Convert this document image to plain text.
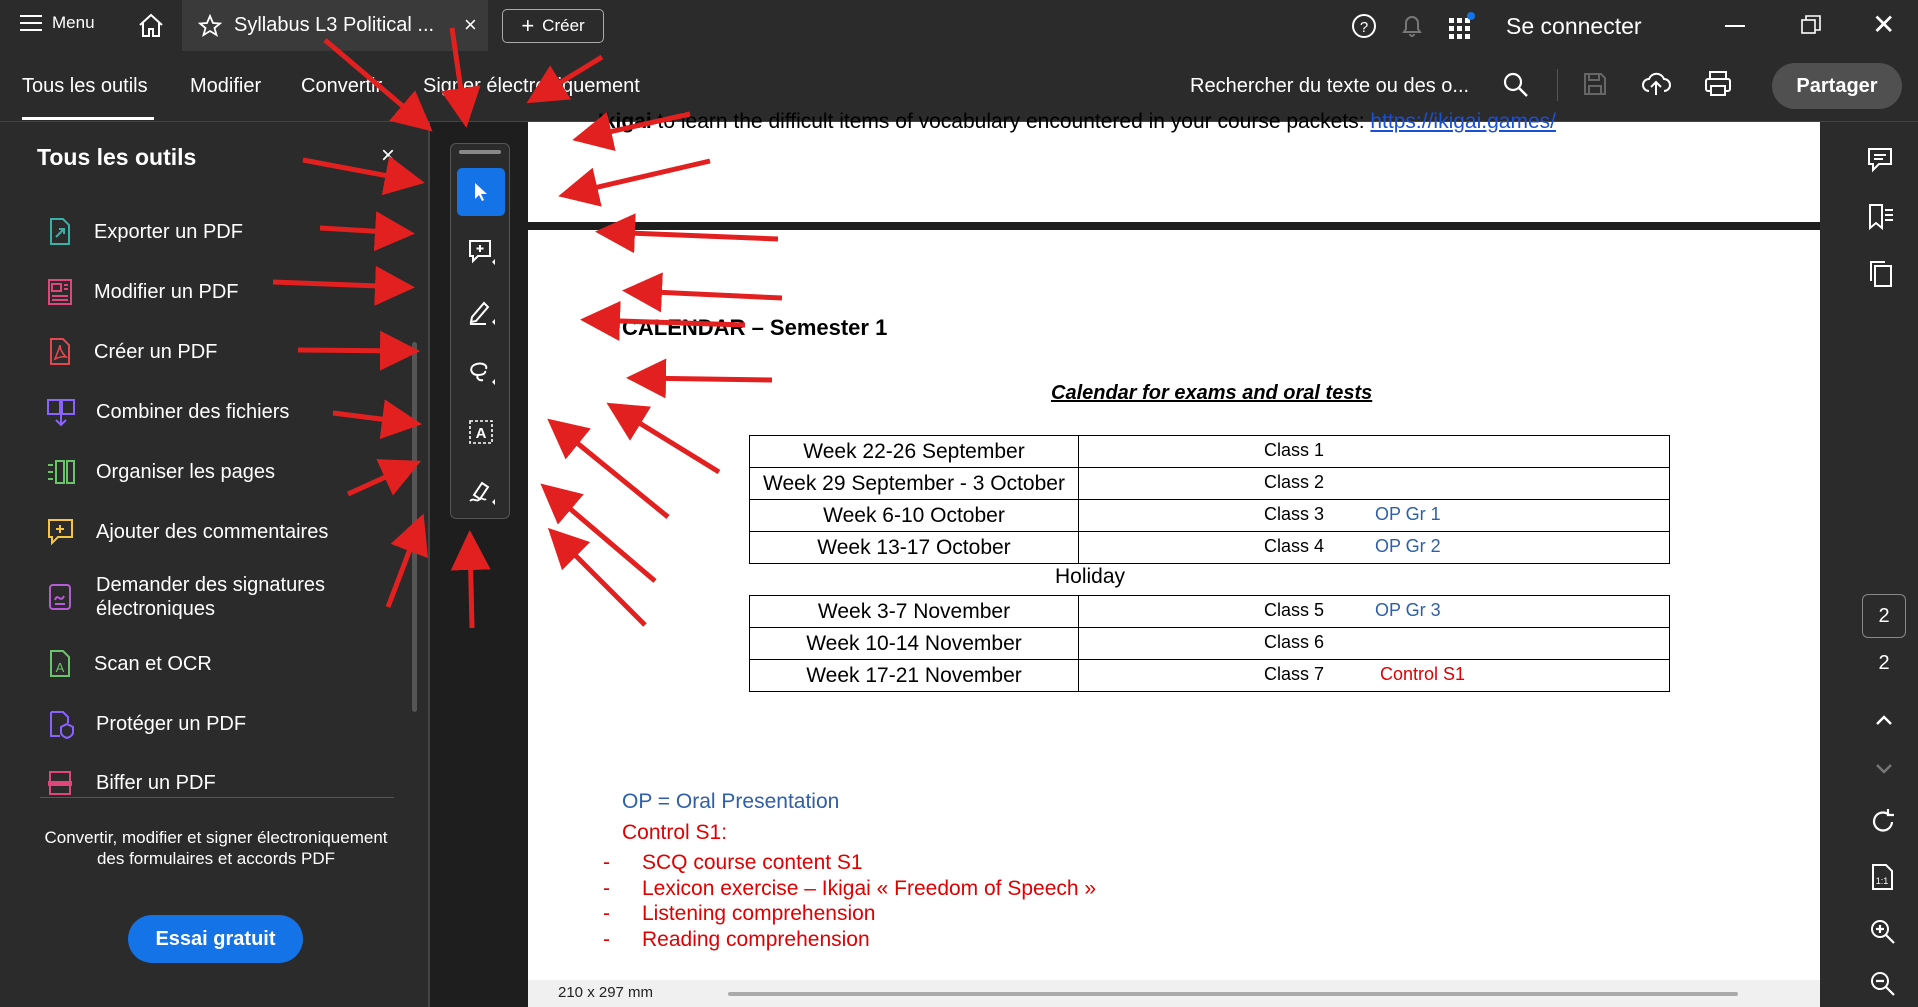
Menu	Syllabus L3 Political ... × + Créer	?	Se connecter	✕
Tous les outils Modifier Convertir Signer électroniquement	Rechercher du texte ou des o...	Partager
Tous les outils	×
Exporter un PDF
Modifier un PDF
Créer un PDF
Combiner des fichiers
Organiser les pages
Ajouter des commentaires
Demander des signatures électroniques
A Scan et OCR
Protéger un PDF
Biffer un PDF
Convertir, modifier et signer électroniquement des formulaires et accords PDF
Essai gratuit
A
Ikigai to learn the difficult items of vocabulary encountered in your course packets: https://ikigai.games/
CALENDAR – Semester 1
Calendar for exams and oral tests
Week 22-26 September	Class 1

Week 29 September - 3 October	Class 2

Week 6-10 October	Class 3 OP Gr 1

Week 13-17 October	Class 4 OP Gr 2
Holiday
Week 3-7 November	Class 5 OP Gr 3

Week 10-14 November	Class 6

Week 17-21 November	Class 7 Control S1
OP = Oral Presentation
Control S1:
- SCQ course content S1
- Lexicon exercise – Ikigai « Freedom of Speech »
- Listening comprehension
- Reading comprehension
210 x 297 mm
2
2
1:1
